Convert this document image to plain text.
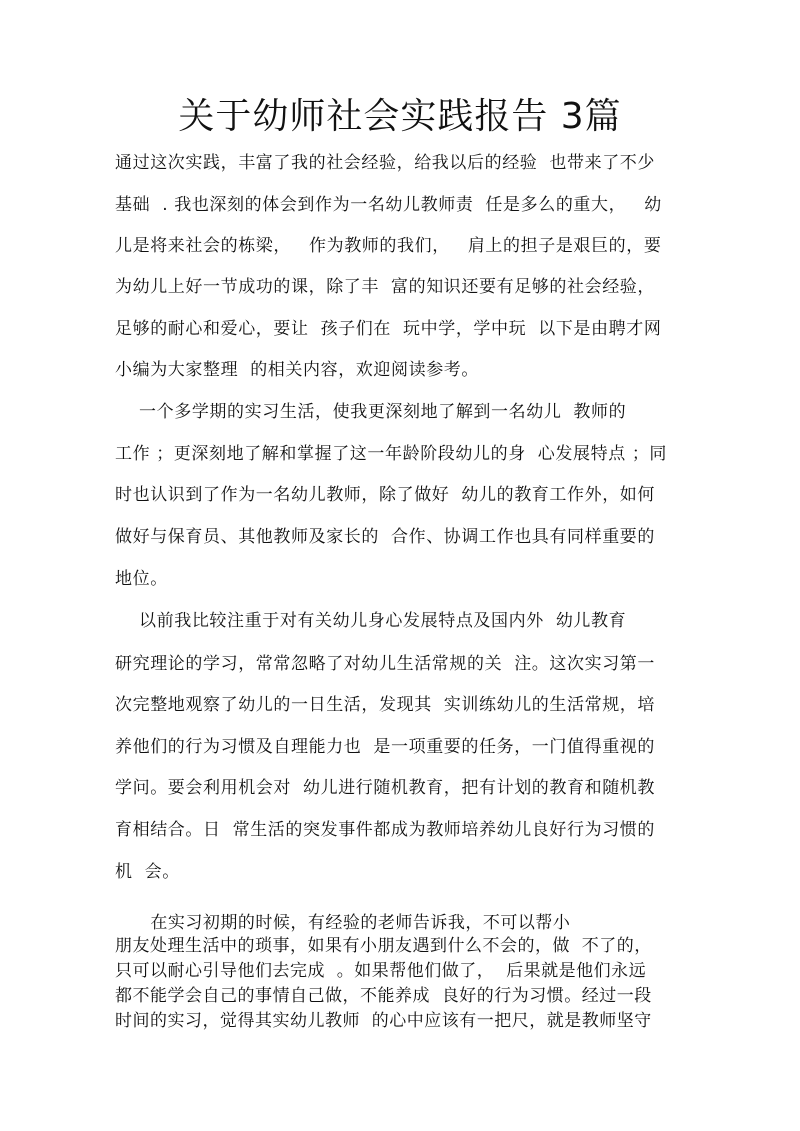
关于幼师社会实践报告 3篇
通过这次实践，丰富了我的社会经验，给我以后的经验  也带来了不少
基础  . 我也深刻的体会到作为一名幼儿教师责  任是多么的重大，   幼
儿是将来社会的栋梁，   作为教师的我们，   肩上的担子是艰巨的，要
为幼儿上好一节成功的课，除了丰  富的知识还要有足够的社会经验，
足够的耐心和爱心，要让  孩子们在  玩中学，学中玩  以下是由聘才网
小编为大家整理  的相关内容，欢迎阅读参考。
一个多学期的实习生活，使我更深刻地了解到一名幼儿  教师的
工作 ；更深刻地了解和掌握了这一年龄阶段幼儿的身  心发展特点 ；同
时也认识到了作为一名幼儿教师，除了做好  幼儿的教育工作外，如何
做好与保育员、其他教师及家长的  合作、协调工作也具有同样重要的
地位。
以前我比较注重于对有关幼儿身心发展特点及国内外  幼儿教育
研究理论的学习，常常忽略了对幼儿生活常规的关  注。这次实习第一
次完整地观察了幼儿的一日生活，发现其  实训练幼儿的生活常规，培
养他们的行为习惯及自理能力也  是一项重要的任务，一门值得重视的
学问。要会利用机会对  幼儿进行随机教育，把有计划的教育和随机教
育相结合。日  常生活的突发事件都成为教师培养幼儿良好行为习惯的
机  会。
在实习初期的时候，有经验的老师告诉我，不可以帮小
朋友处理生活中的琐事，如果有小朋友遇到什么不会的，做  不了的，
只可以耐心引导他们去完成  。如果帮他们做了，  后果就是他们永远
都不能学会自己的事情自己做，不能养成  良好的行为习惯。经过一段
时间的实习，觉得其实幼儿教师  的心中应该有一把尺，就是教师坚守
